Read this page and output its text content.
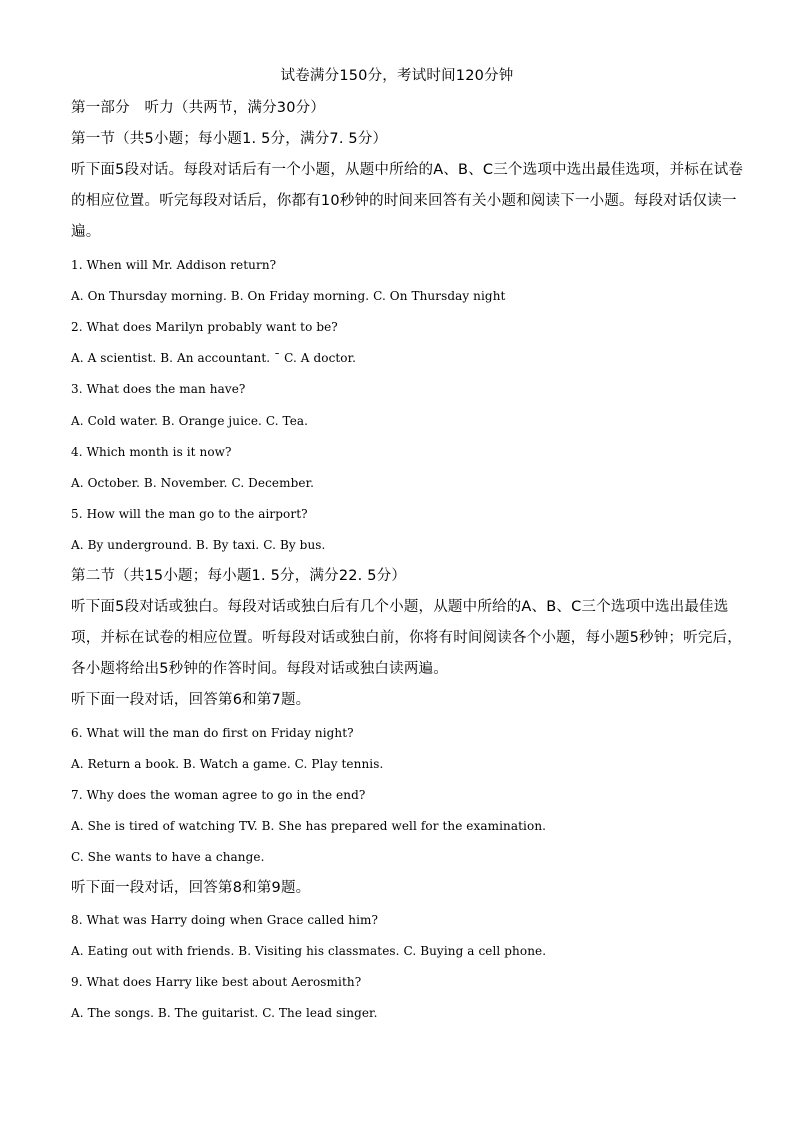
试卷满分150分，考试时间120分钟
第一部分　听力（共两节，满分30分）
第一节（共5小题；每小题1. 5分，满分7. 5分）
听下面5段对话。每段对话后有一个小题，从题中所给的A、B、C三个选项中选出最佳选项，并标在试卷
的相应位置。听完每段对话后，你都有10秒钟的时间来回答有关小题和阅读下一小题。每段对话仅读一
遍。
1. When will Mr. Addison return?
A. On Thursday morning. B. On Friday morning. C. On Thursday night
2. What does Marilyn probably want to be?
A. A scientist. B. An accountant. ˉ C. A doctor.
3. What does the man have?
A. Cold water. B. Orange juice. C. Tea.
4. Which month is it now?
A. October. B. November. C. December.
5. How will the man go to the airport?
A. By underground. B. By taxi. C. By bus.
第二节（共15小题；每小题1. 5分，满分22. 5分）
听下面5段对话或独白。每段对话或独白后有几个小题，从题中所给的A、B、C三个选项中选出最佳选
项，并标在试卷的相应位置。听每段对话或独白前，你将有时间阅读各个小题，每小题5秒钟；听完后，
各小题将给出5秒钟的作答时间。每段对话或独白读两遍。
听下面一段对话，回答第6和第7题。
6. What will the man do first on Friday night?
A. Return a book. B. Watch a game. C. Play tennis.
7. Why does the woman agree to go in the end?
A. She is tired of watching TV. B. She has prepared well for the examination.
C. She wants to have a change.
听下面一段对话，回答第8和第9题。
8. What was Harry doing when Grace called him?
A. Eating out with friends. B. Visiting his classmates. C. Buying a cell phone.
9. What does Harry like best about Aerosmith?
A. The songs. B. The guitarist. C. The lead singer.
